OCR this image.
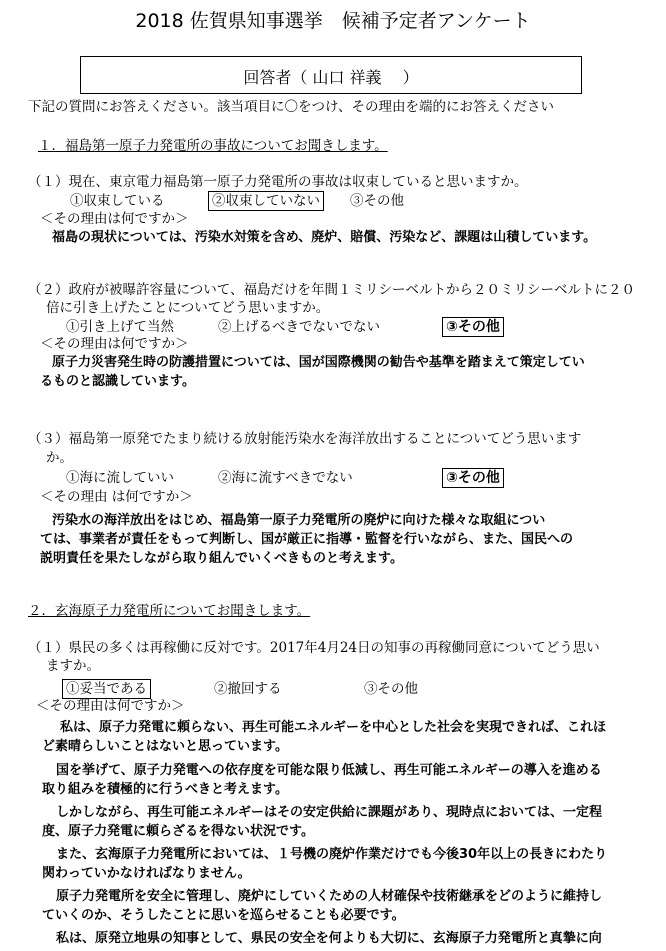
2018 佐賀県知事選挙　候補予定者アンケート
回答者（ 山口 祥義　 ）
下記の質問にお答えください。該当項目に〇をつけ、その理由を端的にお答えください
１．福島第一原子力発電所の事故についてお聞きします。
（１）現在、東京電力福島第一原子力発電所の事故は収束していると思いますか。
①収束している	②収束していない ③その他
＜その理由は何ですか＞
福島の現状については、汚染水対策を含め、廃炉、賠償、汚染など、課題は山積しています。
（２）政府が被曝許容量について、福島だけを年間１ミリシーベルトから２０ミリシーベルトに２０
倍に引き上げたことについてどう思いますか。
①引き上げて当然	②上げるべきでないでない	③その他
＜その理由は何ですか＞
原子力災害発生時の防護措置については、国が国際機関の勧告や基準を踏まえて策定してい
るものと認識しています。
（３）福島第一原発でたまり続ける放射能汚染水を海洋放出することについてどう思います
か。
①海に流していい	②海に流すべきでない	③その他
＜その理由 は何ですか＞
汚染水の海洋放出をはじめ、福島第一原子力発電所の廃炉に向けた様々な取組につい
ては、事業者が責任をもって判断し、国が厳正に指導・監督を行いながら、また、国民への
説明責任を果たしながら取り組んでいくべきものと考えます。
２．玄海原子力発電所についてお聞きします。
（１）県民の多くは再稼働に反対です。2017年4月24日の知事の再稼働同意についてどう思い
ますか。
①妥当である	②撤回する	③その他
＜その理由は何ですか＞
私は、原子力発電に頼らない、再生可能エネルギーを中心とした社会を実現できれば、これほ
ど素晴らしいことはないと思っています。
国を挙げて、原子力発電への依存度を可能な限り低減し、再生可能エネルギーの導入を進める
取り組みを積極的に行うべきと考えます。
しかしながら、再生可能エネルギーはその安定供給に課題があり、現時点においては、一定程
度、原子力発電に頼らざるを得ない状況です。
また、玄海原子力発電所においては、１号機の廃炉作業だけでも今後30年以上の長きにわたり
関わっていかなければなりません。
原子力発電所を安全に管理し、廃炉にしていくための人材確保や技術継承をどのように維持し
ていくのか、そうしたことに思いを巡らせることも必要です。
私は、原発立地県の知事として、県民の安全を何よりも大切に、玄海原子力発電所と真摯に向
